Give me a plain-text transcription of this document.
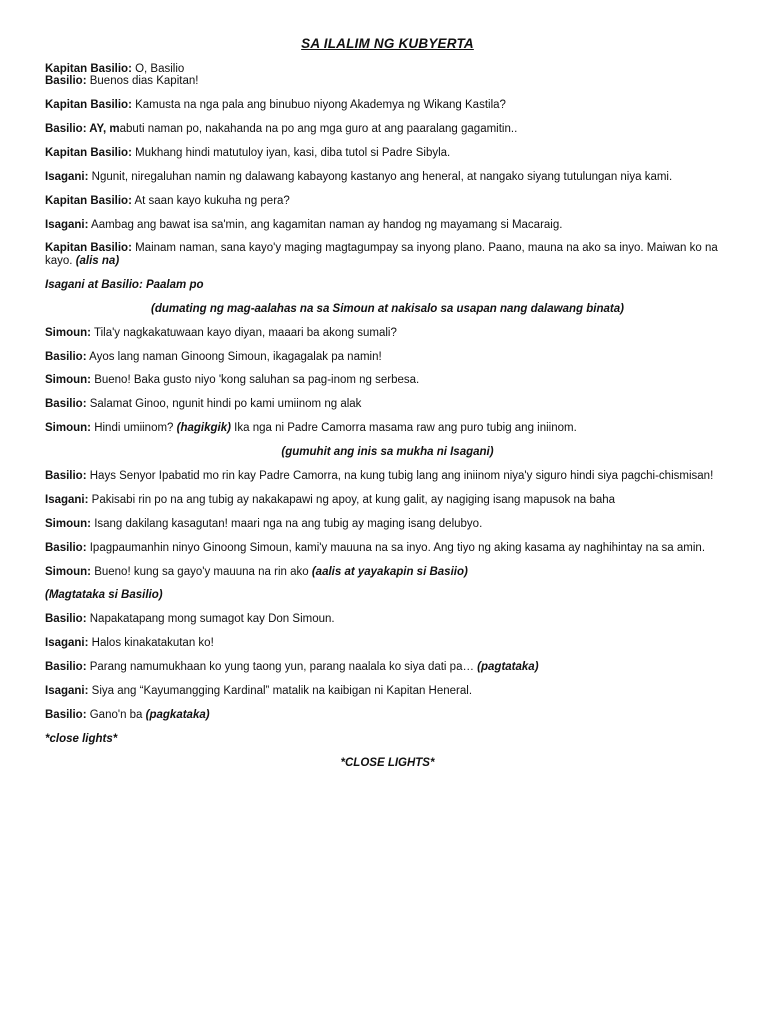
SA ILALIM NG KUBYERTA
Kapitan Basilio: O, Basilio
Basilio: Buenos dias Kapitan!
Kapitan Basilio: Kamusta na nga pala ang binubuo niyong Akademya ng Wikang Kastila?
Basilio: AY, mabuti naman po, nakahanda na po ang mga guro at ang paaralang gagamitin..
Kapitan Basilio: Mukhang hindi matutuloy iyan, kasi, diba tutol si Padre Sibyla.
Isagani: Ngunit, niregaluhan namin ng dalawang kabayong kastanyo ang heneral, at nangako siyang tutulungan niya kami.
Kapitan Basilio: At saan kayo kukuha ng pera?
Isagani: Aambag ang bawat isa sa'min, ang kagamitan naman ay handog ng mayamang si Macaraig.
Kapitan Basilio: Mainam naman, sana kayo'y maging magtagumpay sa inyong plano. Paano, mauna na ako sa inyo. Maiwan ko na kayo. (alis na)
Isagani at Basilio: Paalam po
(dumating ng mag-aalahas na sa Simoun at nakisalo sa usapan nang dalawang binata)
Simoun: Tila'y nagkakatuwaan kayo diyan, maaari ba akong sumali?
Basilio: Ayos lang naman Ginoong Simoun, ikagagalak pa namin!
Simoun: Bueno! Baka gusto niyo 'kong saluhan sa pag-inom ng serbesa.
Basilio: Salamat Ginoo, ngunit hindi po kami umiinom ng alak
Simoun: Hindi umiinom? (hagikgik) Ika nga ni Padre Camorra masama raw ang puro tubig ang iniinom.
(gumuhit ang inis sa mukha ni Isagani)
Basilio: Hays Senyor Ipabatid mo rin kay Padre Camorra, na kung tubig lang ang iniinom niya'y siguro hindi siya pagchi-chismisan!
Isagani: Pakisabi rin po na ang tubig ay nakakapawi ng apoy, at kung galit, ay nagiging isang mapusok na baha
Simoun: Isang dakilang kasagutan! maari nga na ang tubig ay maging isang delubyo.
Basilio: Ipagpaumanhin ninyo Ginoong Simoun, kami'y mauuna na sa inyo. Ang tiyo ng aking kasama ay naghihintay na sa amin.
Simoun: Bueno! kung sa gayo'y mauuna na rin ako (aalis at yayakapin si Basiio)
(Magtataka si Basilio)
Basilio: Napakatapang mong sumagot kay Don Simoun.
Isagani: Halos kinakatakutan ko!
Basilio: Parang namumukhaan ko yung taong yun, parang naalala ko siya dati pa… (pagtataka)
Isagani: Siya ang “Kayumangging Kardinal” matalik na kaibigan ni Kapitan Heneral.
Basilio: Gano'n ba (pagkataka)
*close lights*
*CLOSE LIGHTS*
